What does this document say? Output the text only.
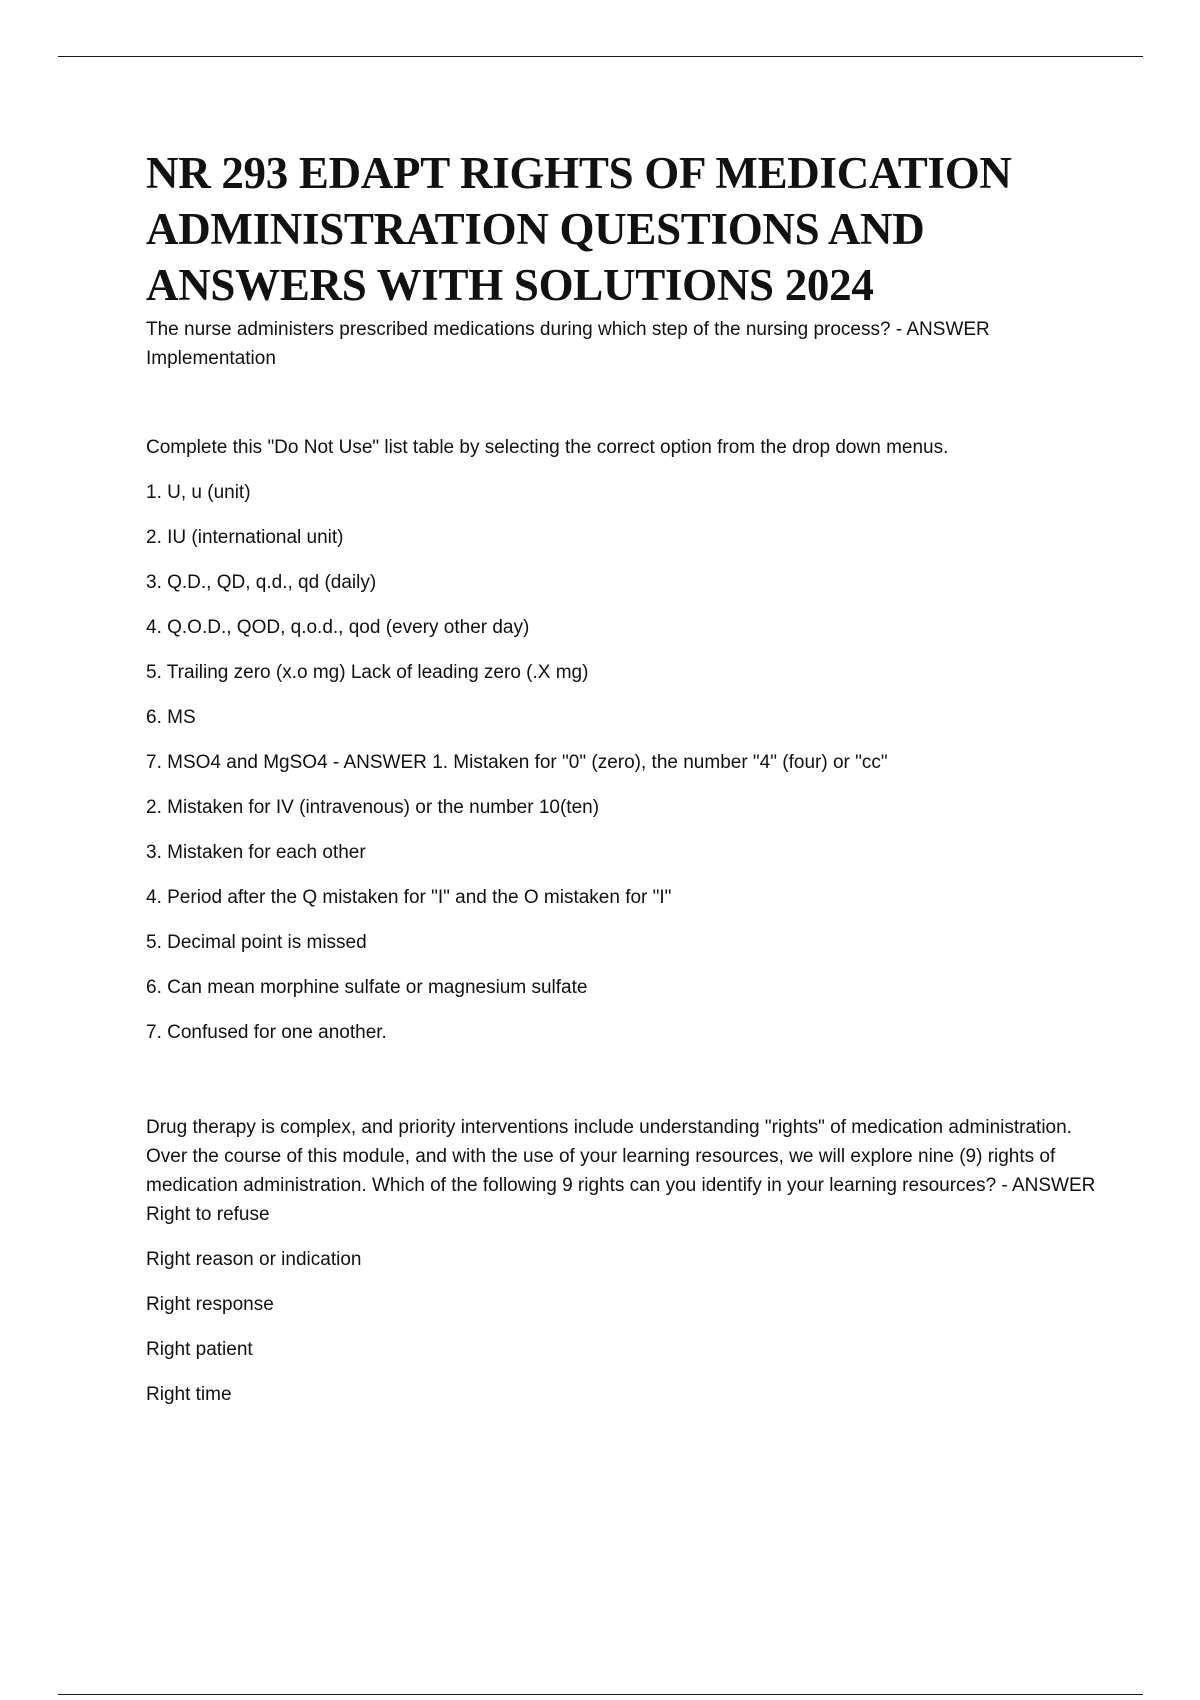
NR 293 EDAPT RIGHTS OF MEDICATION ADMINISTRATION QUESTIONS AND ANSWERS WITH SOLUTIONS 2024

The nurse administers prescribed medications during which step of the nursing process? - ANSWER

Implementation

Complete this "Do Not Use" list table by selecting the correct option from the drop down menus.

1. U, u (unit)

2. IU (international unit)

3. Q.D., QD, q.d., qd (daily)

4. Q.O.D., QOD, q.o.d., qod (every other day)

5. Trailing zero (x.o mg) Lack of leading zero (.X mg)

6. MS

7. MSO4 and MgSO4 - ANSWER 1. Mistaken for "0" (zero), the number "4" (four) or "cc"

2. Mistaken for IV (intravenous) or the number 10(ten)

3. Mistaken for each other

4. Period after the Q mistaken for "I" and the O mistaken for "I"

5. Decimal point is missed

6. Can mean morphine sulfate or magnesium sulfate

7. Confused for one another.

Drug therapy is complex, and priority interventions include understanding "rights" of medication administration. Over the course of this module, and with the use of your learning resources, we will explore nine (9) rights of medication administration. Which of the following 9 rights can you identify in your learning resources? - ANSWER Right to refuse

Right reason or indication

Right response

Right patient

Right time
